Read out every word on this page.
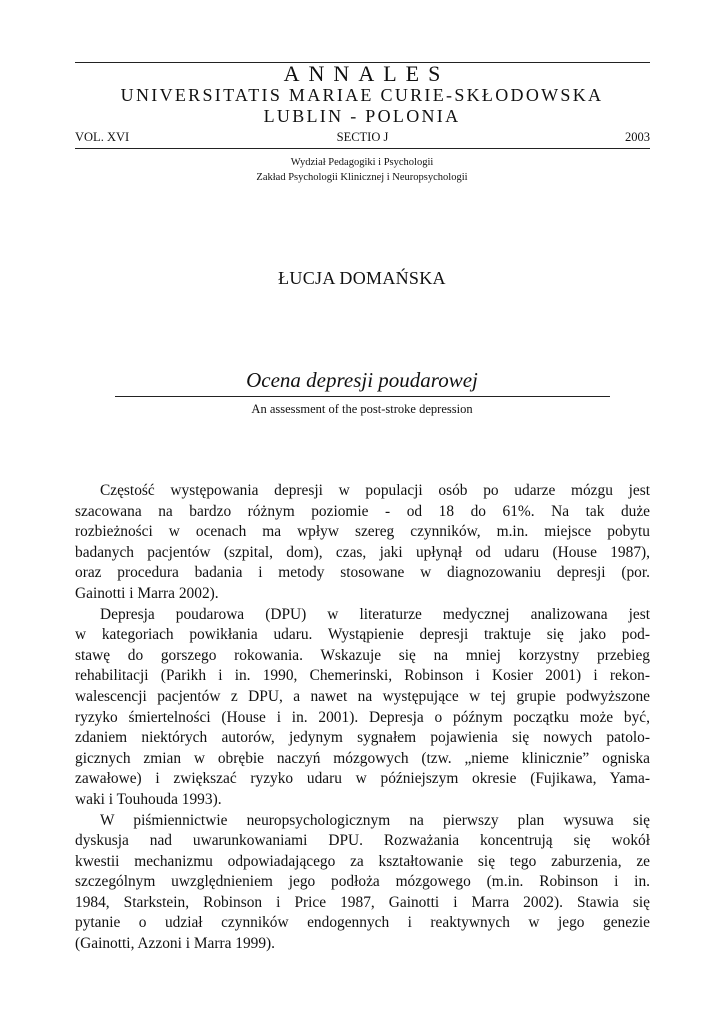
ANNALES
UNIVERSITATIS MARIAE CURIE-SKŁODOWSKA
LUBLIN - POLONIA
VOL. XVI	SECTIO J	2003
Wydział Pedagogiki i Psychologii
Zakład Psychologii Klinicznej i Neuropsychologii
ŁUCJA DOMAŃSKA
Ocena depresji poudarowej
An assessment of the post-stroke depression

Częstość występowania depresji w populacji osób po udarze mózgu jest
szacowana na bardzo różnym poziomie - od 18 do 61%. Na tak duże
rozbieżności w ocenach ma wpływ szereg czynników, m.in. miejsce pobytu
badanych pacjentów (szpital, dom), czas, jaki upłynął od udaru (House 1987),
oraz procedura badania i metody stosowane w diagnozowaniu depresji (por.
Gainotti i Marra 2002).

Depresja poudarowa (DPU) w literaturze medycznej analizowana jest
w kategoriach powikłania udaru. Wystąpienie depresji traktuje się jako pod-
stawę do gorszego rokowania. Wskazuje się na mniej korzystny przebieg
rehabilitacji (Parikh i in. 1990, Chemerinski, Robinson i Kosier 2001) i rekon-
walescencji pacjentów z DPU, a nawet na występujące w tej grupie podwyższone
ryzyko śmiertelności (House i in. 2001). Depresja o późnym początku może być,
zdaniem niektórych autorów, jedynym sygnałem pojawienia się nowych patolo-
gicznych zmian w obrębie naczyń mózgowych (tzw. „nieme klinicznie” ogniska
zawałowe) i zwiększać ryzyko udaru w późniejszym okresie (Fujikawa, Yama-
waki i Touhouda 1993).

W piśmiennictwie neuropsychologicznym na pierwszy plan wysuwa się
dyskusja nad uwarunkowaniami DPU. Rozważania koncentrują się wokół
kwestii mechanizmu odpowiadającego za kształtowanie się tego zaburzenia, ze
szczególnym uwzględnieniem jego podłoża mózgowego (m.in. Robinson i in.
1984, Starkstein, Robinson i Price 1987, Gainotti i Marra 2002). Stawia się
pytanie o udział czynników endogennych i reaktywnych w jego genezie
(Gainotti, Azzoni i Marra 1999).
